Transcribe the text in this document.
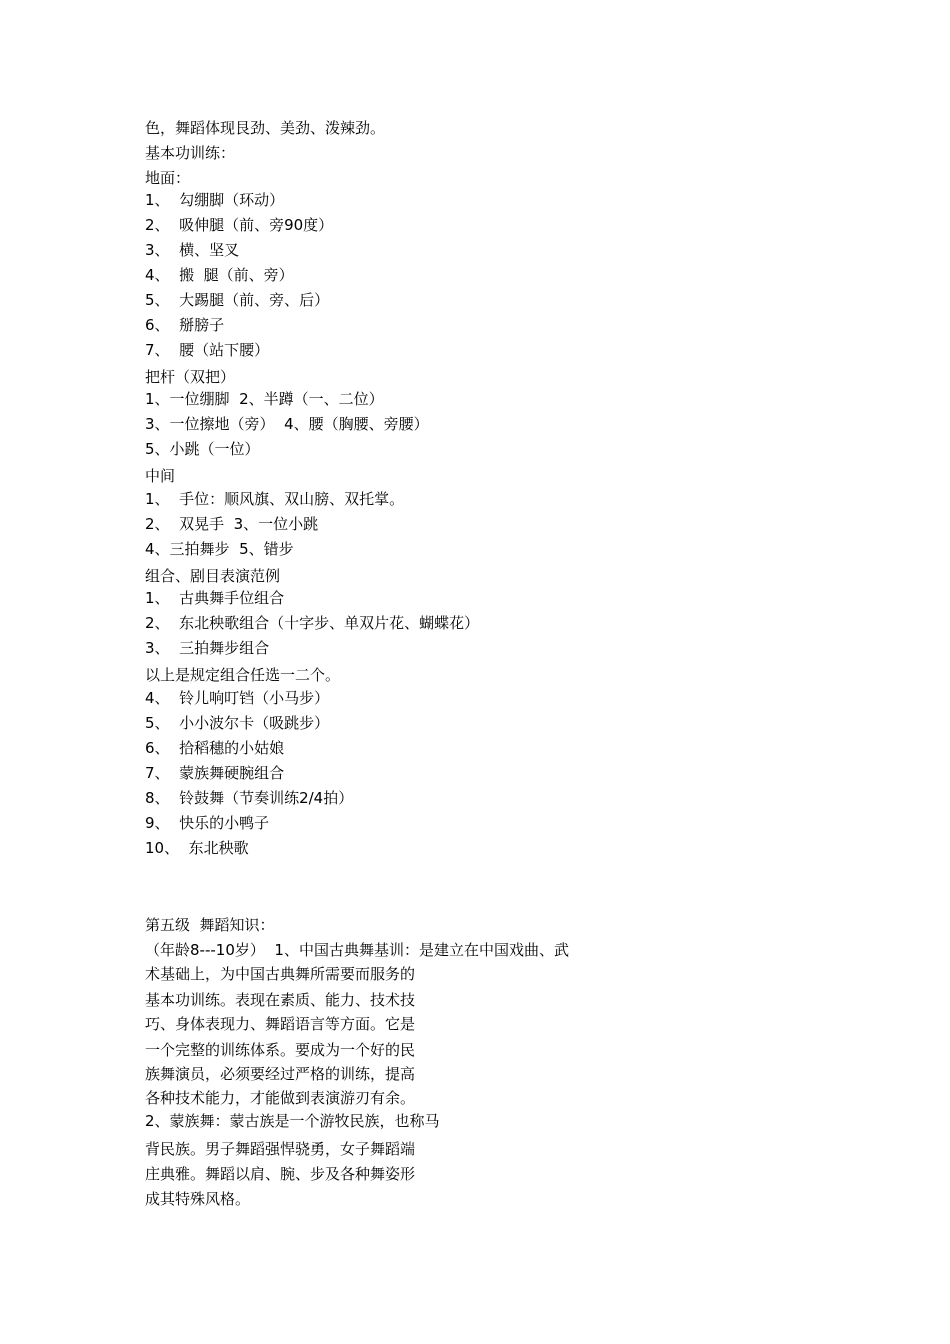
色，舞蹈体现艮劲、美劲、泼辣劲。
基本功训练：
地面：
1、  勾绷脚（环动）
2、  吸伸腿（前、旁90度）
3、  横、坚叉
4、  搬  腿（前、旁）
5、  大踢腿（前、旁、后）
6、  掰膀子
7、  腰（站下腰）
把杆（双把）
1、一位绷脚  2、半蹲（一、二位）
3、一位擦地（旁）  4、腰（胸腰、旁腰）
5、小跳（一位）
中间
1、  手位：顺风旗、双山膀、双托掌。
2、  双晃手  3、一位小跳
4、三拍舞步  5、错步
组合、剧目表演范例
1、  古典舞手位组合
2、  东北秧歌组合（十字步、单双片花、蝴蝶花）
3、  三拍舞步组合
以上是规定组合任选一二个。
4、  铃儿响叮铛（小马步）
5、  小小波尔卡（吸跳步）
6、  拾稻穗的小姑娘
7、  蒙族舞硬腕组合
8、  铃鼓舞（节奏训练2/4拍）
9、  快乐的小鸭子
10、  东北秧歌
第五级  舞蹈知识：
（年龄8---10岁）  1、中国古典舞基训：是建立在中国戏曲、武
术基础上，为中国古典舞所需要而服务的
基本功训练。表现在素质、能力、技术技
巧、身体表现力、舞蹈语言等方面。它是
一个完整的训练体系。要成为一个好的民
族舞演员，必须要经过严格的训练，提高
各种技术能力，才能做到表演游刃有余。
2、蒙族舞：蒙古族是一个游牧民族，也称马
背民族。男子舞蹈强悍骁勇，女子舞蹈端
庄典雅。舞蹈以肩、腕、步及各种舞姿形
成其特殊风格。
